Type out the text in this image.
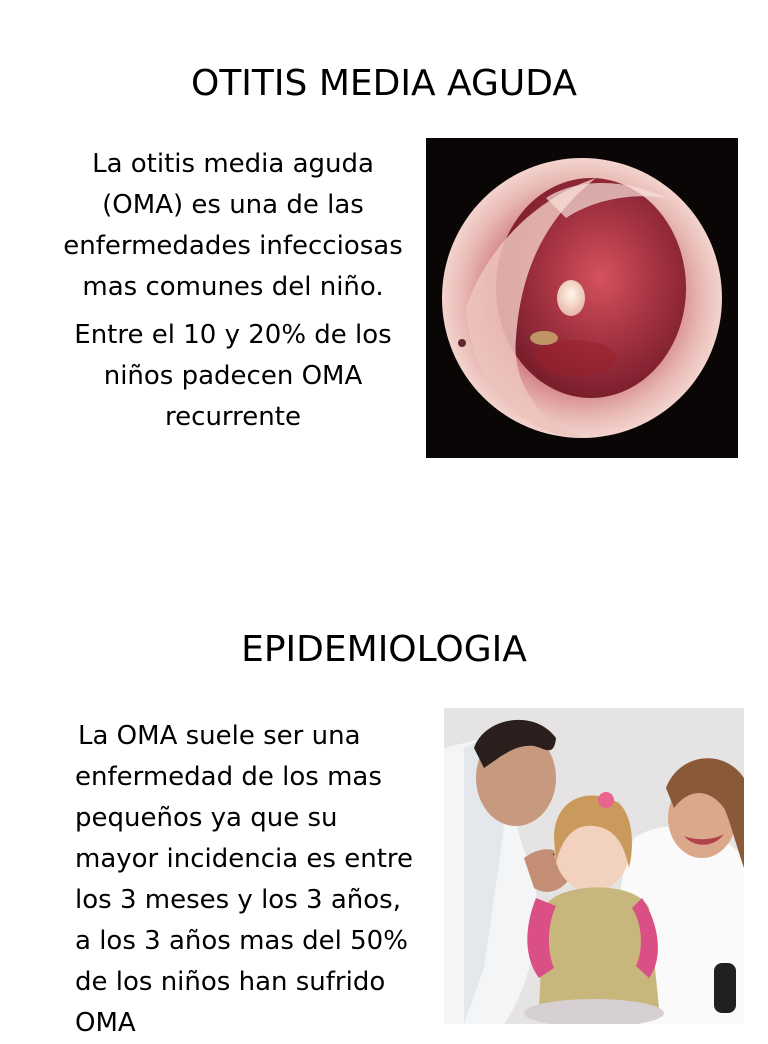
OTITIS MEDIA AGUDA

La otitis media aguda (OMA) es una de las enfermedades infecciosas mas comunes del niño.

Entre el 10 y 20% de los niños padecen OMA recurrente

EPIDEMIOLOGIA

La OMA suele ser una enfermedad de los mas pequeños ya que su mayor incidencia es entre los 3 meses y los 3 años, a los 3 años mas del 50% de los niños han sufrido OMA
